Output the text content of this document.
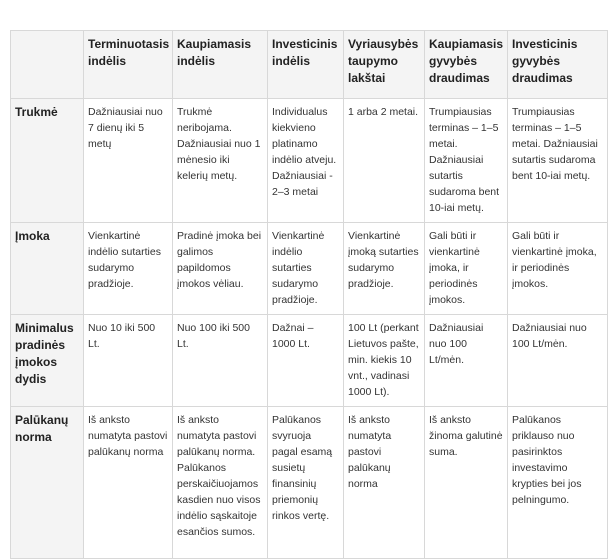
	Terminuotasis indėlis	Kaupiamasis indėlis	Investicinis indėlis	Vyriausybės taupymo lakštai	Kaupiamasis gyvybės draudimas	Investicinis gyvybės draudimas
Trukmė	Dažniausiai nuo 7 dienų iki 5 metų	Trukmė neribojama. Dažniausiai nuo 1 mėnesio iki kelerių metų.	Individualus kiekvieno platinamo indėlio atveju. Dažniausiai - 2–3 metai	1 arba 2 metai.	Trumpiausias terminas – 1–5 metai. Dažniausiai sutartis sudaroma bent 10-iai metų.	Trumpiausias terminas – 1–5 metai. Dažniausiai sutartis sudaroma bent 10-iai metų.
Įmoka	Vienkartinė indėlio sutarties sudarymo pradžioje.	Pradinė įmoka bei galimos papildomos įmokos vėliau.	Vienkartinė indėlio sutarties sudarymo pradžioje.	Vienkartinė įmoką sutarties sudarymo pradžioje.	Gali būti ir vienkartinė įmoka, ir periodinės įmokos.	Gali būti ir vienkartinė įmoka, ir periodinės įmokos.
Minimalus pradinės įmokos dydis	Nuo 10 iki 500 Lt.	Nuo 100 iki 500 Lt.	Dažnai – 1000 Lt.	100 Lt (perkant Lietuvos pašte, min. kiekis 10 vnt., vadinasi 1000 Lt).	Dažniausiai nuo 100 Lt/mėn.	Dažniausiai nuo 100 Lt/mėn.
Palūkanų norma	Iš anksto numatyta pastovi palūkanų norma	Iš anksto numatyta pastovi palūkanų norma. Palūkanos perskaičiuojamos kasdien nuo visos indėlio sąskaitoje esančios sumos.	Palūkanos svyruoja pagal esamą susietų finansinių priemonių rinkos vertę.	Iš anksto numatyta pastovi palūkanų norma	Iš anksto žinoma galutinė suma.	Palūkanos priklauso nuo pasirinktos investavimo krypties bei jos pelningumo.
